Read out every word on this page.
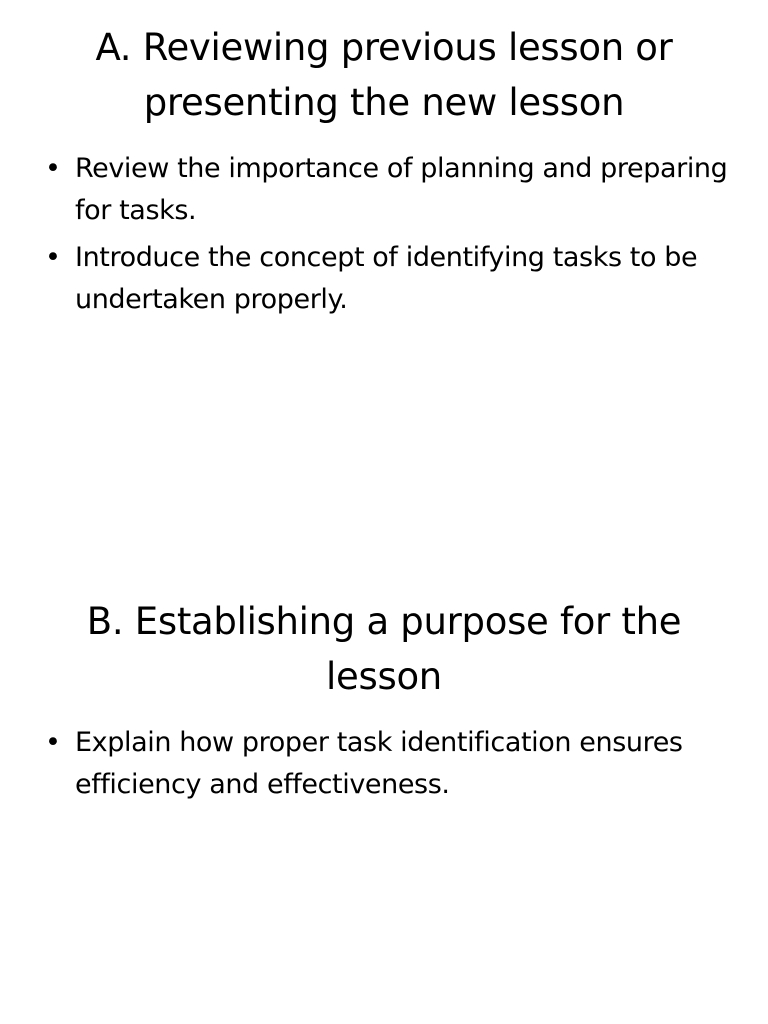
A. Reviewing previous lesson or presenting the new lesson
• Review the importance of planning and preparing for tasks.
• Introduce the concept of identifying tasks to be undertaken properly.
B. Establishing a purpose for the lesson
• Explain how proper task identification ensures efficiency and effectiveness.
